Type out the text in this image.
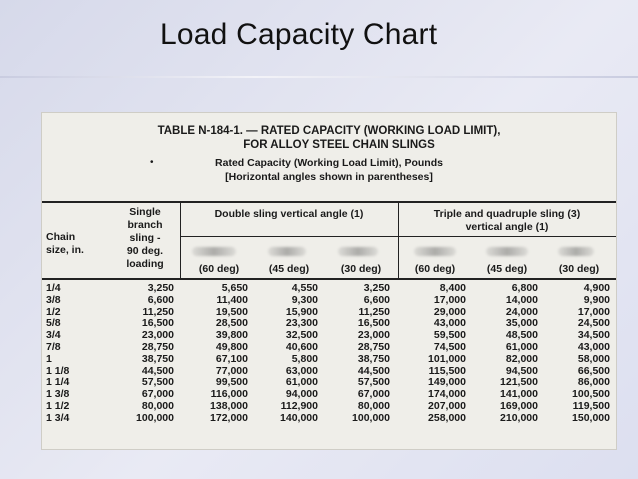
Load Capacity Chart
TABLE N-184-1. — RATED CAPACITY (WORKING LOAD LIMIT),
FOR ALLOY STEEL CHAIN SLINGS
•	Rated Capacity (Working Load Limit), Pounds
[Horizontal angles shown in parentheses]
Chain
size, in.
Single
branch
sling -
90 deg.
loading
Double sling vertical angle (1)	Triple and quadruple sling (3)
vertical angle (1)
(60 deg)	(45 deg)	(30 deg)	(60 deg)	(45 deg)	(30 deg)
1/4	3,250	5,650	4,550	3,250	8,400	6,800	4,900
3/8	6,600	11,400	9,300	6,600	17,000	14,000	9,900
1/2	11,250	19,500	15,900	11,250	29,000	24,000	17,000
5/8	16,500	28,500	23,300	16,500	43,000	35,000	24,500
3/4	23,000	39,800	32,500	23,000	59,500	48,500	34,500
7/8	28,750	49,800	40,600	28,750	74,500	61,000	43,000
1	38,750	67,100	5,800	38,750	101,000	82,000	58,000
1 1/8	44,500	77,000	63,000	44,500	115,500	94,500	66,500
1 1/4	57,500	99,500	61,000	57,500	149,000	121,500	86,000
1 3/8	67,000	116,000	94,000	67,000	174,000	141,000	100,500
1 1/2	80,000	138,000	112,900	80,000	207,000	169,000	119,500
1 3/4	100,000	172,000	140,000	100,000	258,000	210,000	150,000
